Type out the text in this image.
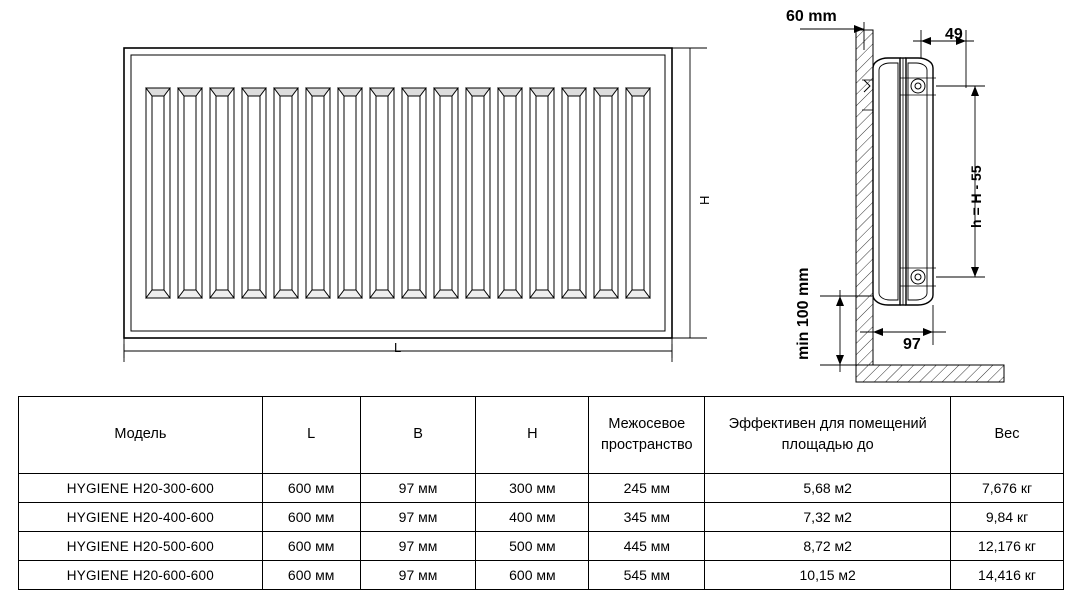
H
L
60 mm
49
h = H - 55
97
min 100 mm
Модель	L	B	H	Межосевое пространство	Эффективен для помещений площадью до	Вес
HYGIENE H20-300-600	600 мм	97 мм	300 мм	245 мм	5,68 м2	7,676 кг
HYGIENE H20-400-600	600 мм	97 мм	400 мм	345 мм	7,32 м2	9,84 кг
HYGIENE H20-500-600	600 мм	97 мм	500 мм	445 мм	8,72 м2	12,176 кг
HYGIENE H20-600-600	600 мм	97 мм	600 мм	545 мм	10,15 м2	14,416 кг
